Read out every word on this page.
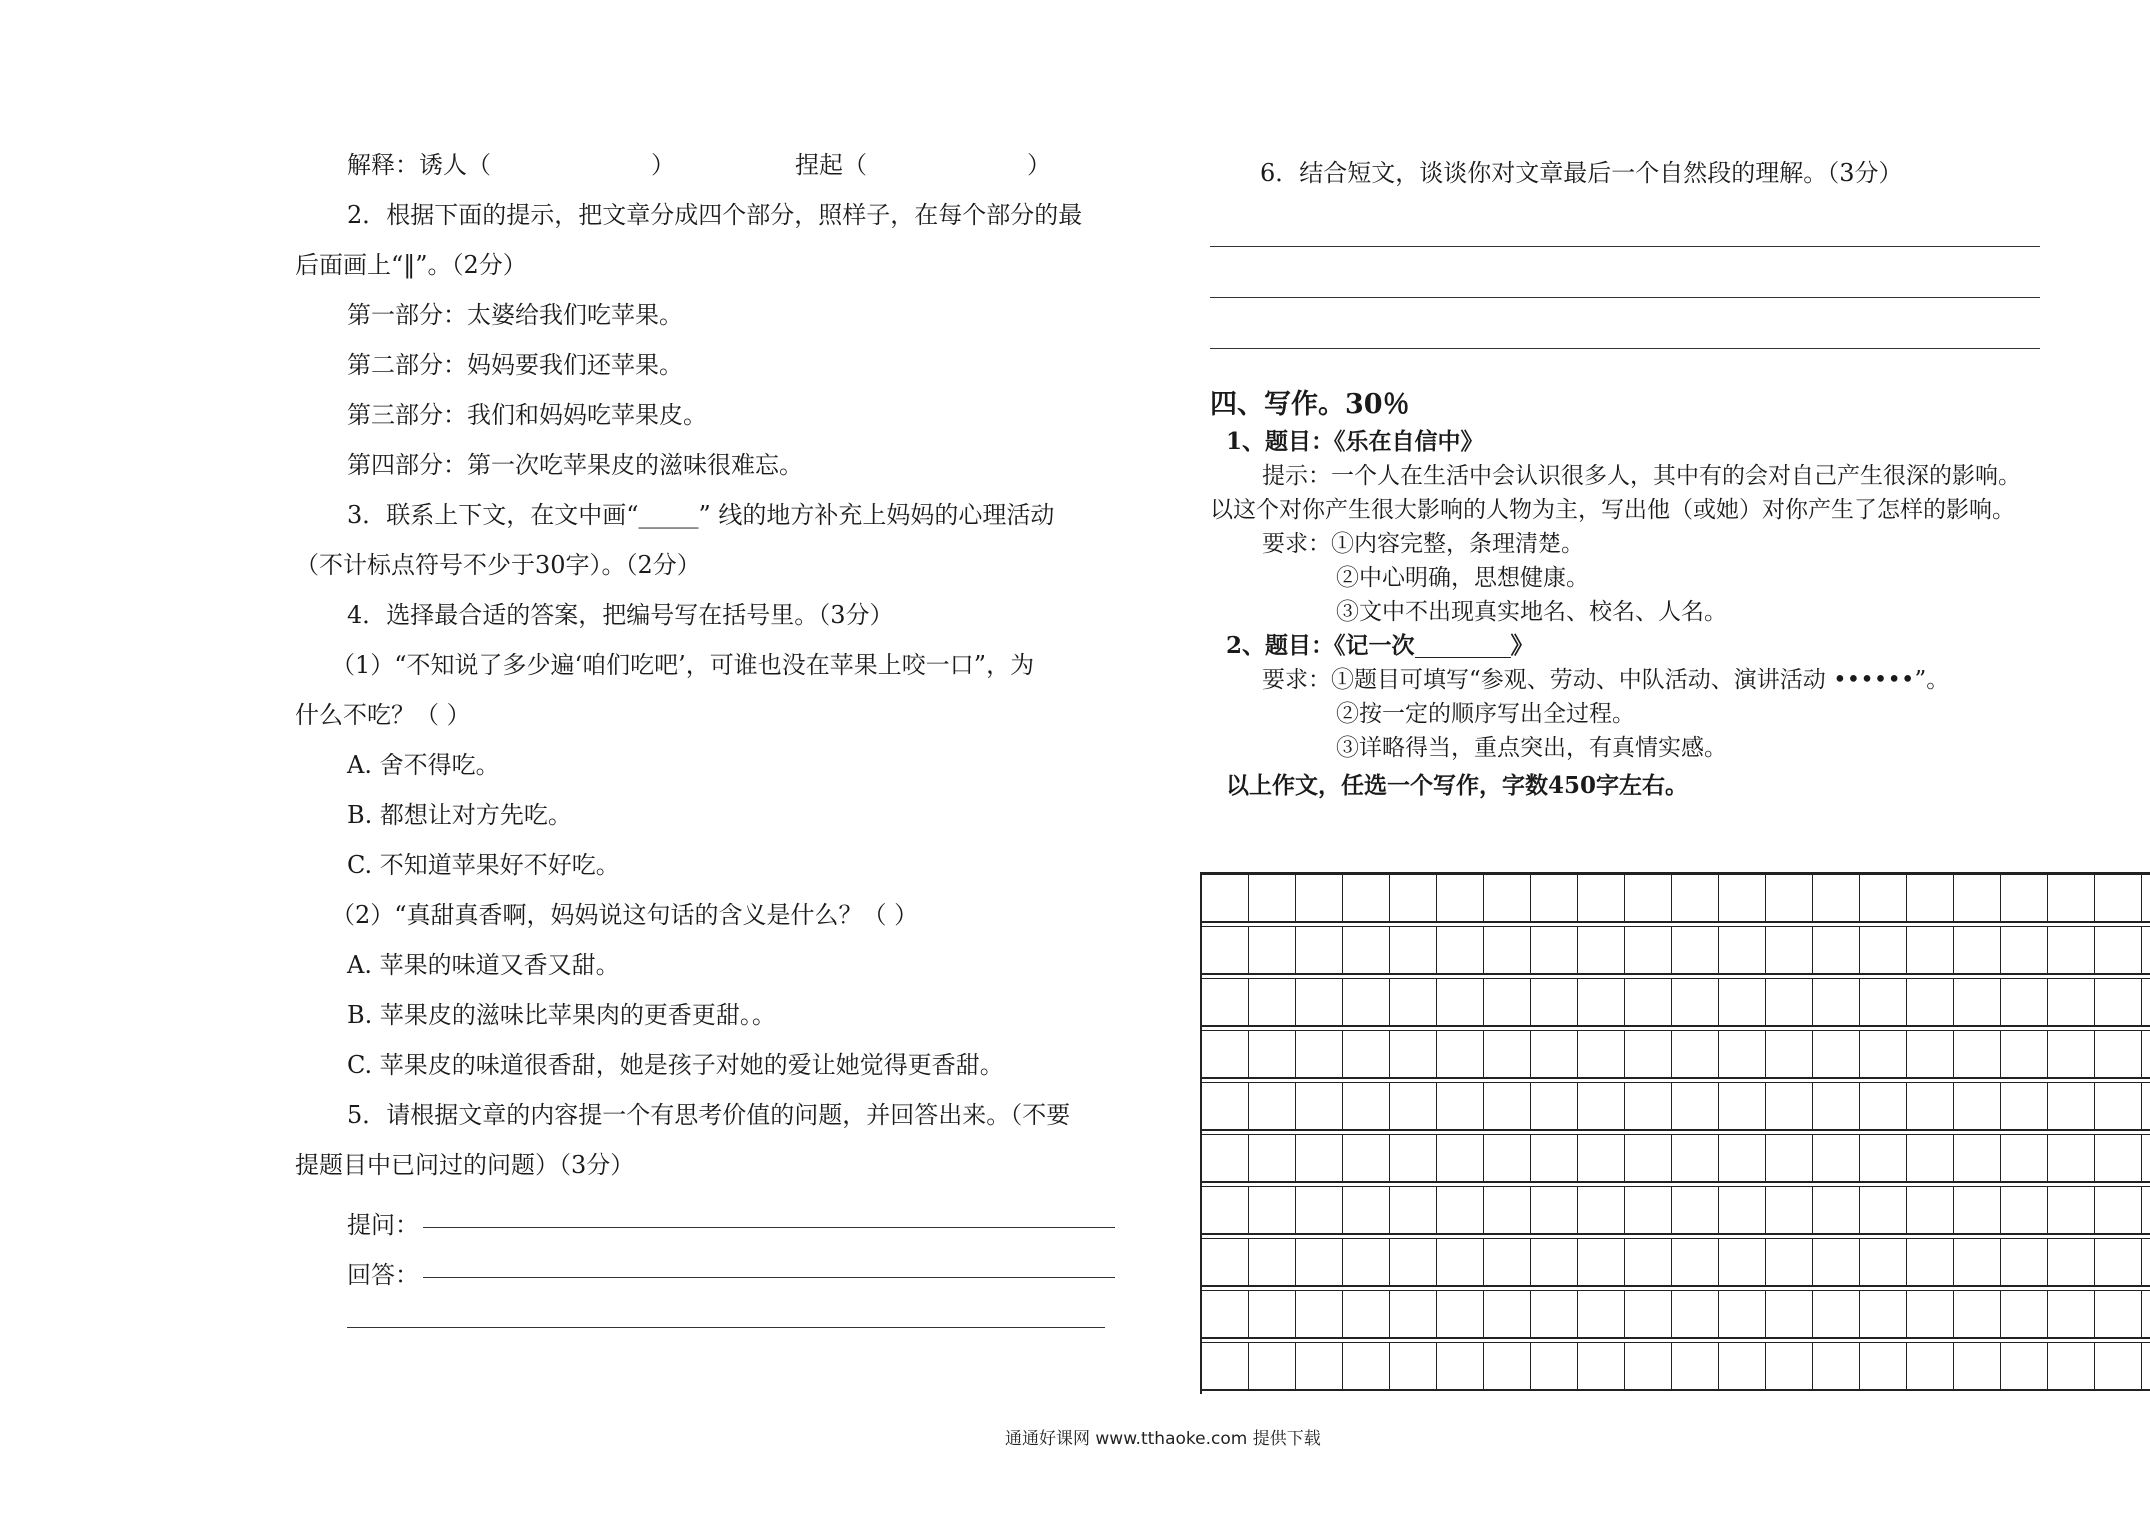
解释：诱人（	）	捏起（	）
2．根据下面的提示，把文章分成四个部分，照样子，在每个部分的最
后面画上“‖”。（2分）
第一部分：太婆给我们吃苹果。
第二部分：妈妈要我们还苹果。
第三部分：我们和妈妈吃苹果皮。
第四部分：第一次吃苹果皮的滋味很难忘。
3．联系上下文，在文中画“_____” 线的地方补充上妈妈的心理活动
（不计标点符号不少于30字）。（2分）
4．选择最合适的答案，把编号写在括号里。（3分）
（1）“不知说了多少遍‘咱们吃吧’，可谁也没在苹果上咬一口”，为
什么不吃？（ ）
A. 舍不得吃。
B. 都想让对方先吃。
C. 不知道苹果好不好吃。
（2）“真甜真香啊，妈妈说这句话的含义是什么？（ ）
A. 苹果的味道又香又甜。
B. 苹果皮的滋味比苹果肉的更香更甜。。
C. 苹果皮的味道很香甜，她是孩子对她的爱让她觉得更香甜。
5．请根据文章的内容提一个有思考价值的问题，并回答出来。（不要
提题目中已问过的问题）（3分）
提问：
回答：
6．结合短文，谈谈你对文章最后一个自然段的理解。（3分）
四、写作。30％
1、题目：《乐在自信中》
提示：一个人在生活中会认识很多人，其中有的会对自己产生很深的影响。以这个对你产生很大影响的人物为主，写出他（或她）对你产生了怎样的影响。
要求：①内容完整，条理清楚。
②中心明确，思想健康。
③文中不出现真实地名、校名、人名。
2、题目：《记一次	》
要求：①题目可填写“参观、劳动、中队活动、演讲活动 ••••••”。
②按一定的顺序写出全过程。
③详略得当，重点突出，有真情实感。
以上作文，任选一个写作，字数450字左右。
通通好课网 www.tthaoke.com 提供下载
